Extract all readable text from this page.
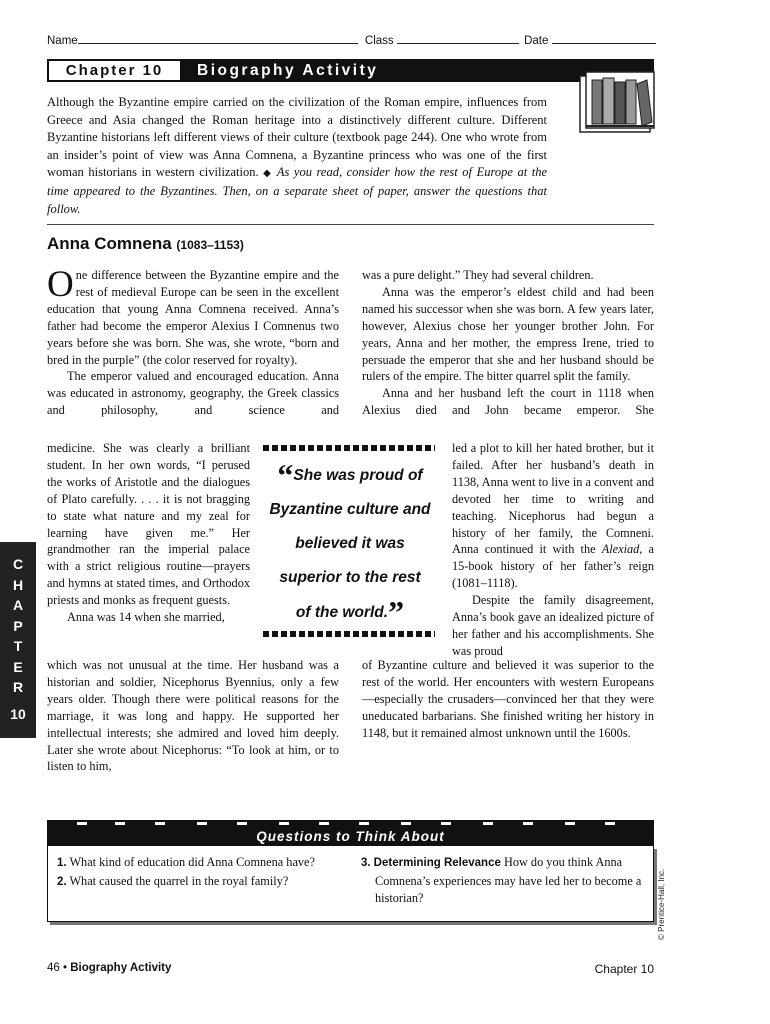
Name	Class	Date
Chapter 10	Biography Activity
Although the Byzantine empire carried on the civilization of the Roman empire, influences from Greece and Asia changed the Roman heritage into a distinctively different culture. Different Byzantine historians left different views of their culture (textbook page 244). One who wrote from an insider’s point of view was Anna Comnena, a Byzantine princess who was one of the first woman historians in western civilization. ◆ As you read, consider how the rest of Europe at the time appeared to the Byzantines. Then, on a separate sheet of paper, answer the questions that follow.
Anna Comnena (1083–1153)

One difference between the Byzantine empire and the rest of medieval Europe can be seen in the excellent education that young Anna Comnena received. Anna’s father had become the emperor Alexius I Comnenus two years before she was born. She was, she wrote, “born and bred in the purple” (the color reserved for royalty).

The emperor valued and encouraged education. Anna was educated in astronomy, geography, the Greek classics and philosophy, and science and

medicine. She was clearly a brilliant student. In her own words, “I perused the works of Aristotle and the dialogues of Plato carefully. . . . it is not bragging to state what nature and my zeal for learning have given me.” Her grandmother ran the imperial palace with a strict religious routine—prayers and hymns at stated times, and Orthodox priests and monks as frequent guests.

Anna was 14 when she married,

which was not unusual at the time. Her husband was a historian and soldier, Nicephorus Byennius, only a few years older. Though there were political reasons for the marriage, it was long and happy. He supported her intellectual interests; she admired and loved him deeply. Later she wrote about Nicephorus: “To look at him, or to listen to him,

was a pure delight.” They had several children.

Anna was the emperor’s eldest child and had been named his successor when she was born. A few years later, however, Alexius chose her younger brother John. For years, Anna and her mother, the empress Irene, tried to persuade the emperor that she and her husband should be rulers of the empire. The bitter quarrel split the family.

Anna and her husband left the court in 1118 when Alexius died and John became emperor. She

led a plot to kill her hated brother, but it failed. After her husband’s death in 1138, Anna went to live in a convent and devoted her time to writing and teaching. Nicephorus had begun a history of her family, the Comneni. Anna continued it with the Alexiad, a 15-book history of her father’s reign (1081–1118).

Despite the family disagreement, Anna’s book gave an idealized picture of her father and his accomplishments. She was proud

of Byzantine culture and believed it was superior to the rest of the world. Her encounters with western Europeans—especially the crusaders—convinced her that they were uneducated barbarians. She finished writing her history in 1148, but it remained almost unknown until the 1600s.

“She was proud of
Byzantine culture and
believed it was
superior to the rest
of the world.”
C
H
A
P
T
E
R
10
Questions to Think About

1. What kind of education did Anna Comnena have?

2. What caused the quarrel in the royal family?

3. Determining Relevance How do you think Anna Comnena’s experiences may have led her to become a historian?	© Prentice-Hall, Inc.
46 • Biography Activity	Chapter 10
